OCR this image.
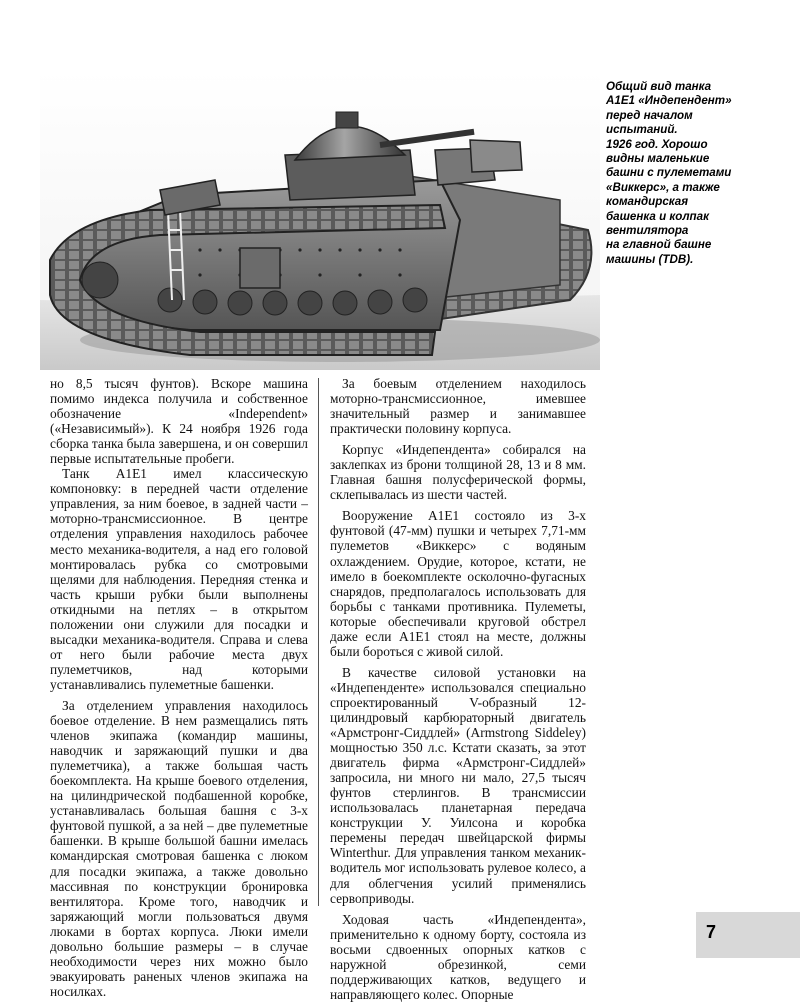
Общий вид танка
A1E1 «Индепендент»
перед началом
испытаний.
1926 год. Хорошо
видны маленькие
башни с пулеметами
«Виккерс», а также
командирская
башенка и колпак
вентилятора
на главной башне
машины (TDB).

но 8,5 тысяч фунтов). Вскоре машина помимо индекса получила и собственное обозначение «Independent» («Независимый»). К 24 ноября 1926 года сборка танка была завершена, и он совершил первые испытательные пробеги.

Танк A1E1 имел классическую компоновку: в передней части отделение управления, за ним боевое, в задней части – моторно-трансмиссионное. В центре отделения управления находилось рабочее место механика-водителя, а над его головой монтировалась рубка со смотровыми щелями для наблюдения. Передняя стенка и часть крыши рубки были выполнены откидными на петлях – в открытом положении они служили для посадки и высадки механика-водителя. Справа и слева от него были рабочие места двух пулеметчиков, над которыми устанавливались пулеметные башенки.

За отделением управления находилось боевое отделение. В нем размещались пять членов экипажа (командир машины, наводчик и заряжающий пушки и два пулеметчика), а также большая часть боекомплекта. На крыше боевого отделения, на цилиндрической подбашенной коробке, устанавливалась большая башня с 3-х фунтовой пушкой, а за ней – две пулеметные башенки. В крыше большой башни имелась командирская смотровая башенка с люком для посадки экипажа, а также довольно массивная по конструкции бронировка вентилятора. Кроме того, наводчик и заряжающий могли пользоваться двумя люками в бортах корпуса. Люки имели довольно большие размеры – в случае необходимости через них можно было эвакуировать раненых членов экипажа на носилках.

За боевым отделением находилось моторно-трансмиссионное, имевшее значительный размер и занимавшее практически половину корпуса.

Корпус «Индепендента» собирался на заклепках из брони толщиной 28, 13 и 8 мм. Главная башня полусферической формы, склепывалась из шести частей.

Вооружение A1E1 состояло из 3-х фунтовой (47-мм) пушки и четырех 7,71-мм пулеметов «Виккерс» с водяным охлаждением. Орудие, которое, кстати, не имело в боекомплекте осколочно-фугасных снарядов, предполагалось использовать для борьбы с танками противника. Пулеметы, которые обеспечивали круговой обстрел даже если A1E1 стоял на месте, должны были бороться с живой силой.

В качестве силовой установки на «Индепенденте» использовался специально спроектированный V-образный 12-цилиндровый карбюраторный двигатель «Армстронг-Сиддлей» (Armstrong Siddeley) мощностью 350 л.с. Кстати сказать, за этот двигатель фирма «Армстронг-Сиддлей» запросила, ни много ни мало, 27,5 тысяч фунтов стерлингов. В трансмиссии использовалась планетарная передача конструкции У. Уилсона и коробка перемены передач швейцарской фирмы Winterthur. Для управления танком механик-водитель мог использовать рулевое колесо, а для облегчения усилий применялись сервоприводы.

Ходовая часть «Индепендента», применительно к одному борту, состояла из восьми сдвоенных опорных катков с наружной обрезинкой, семи поддерживающих катков, ведущего и направляющего колес. Опорные

7
